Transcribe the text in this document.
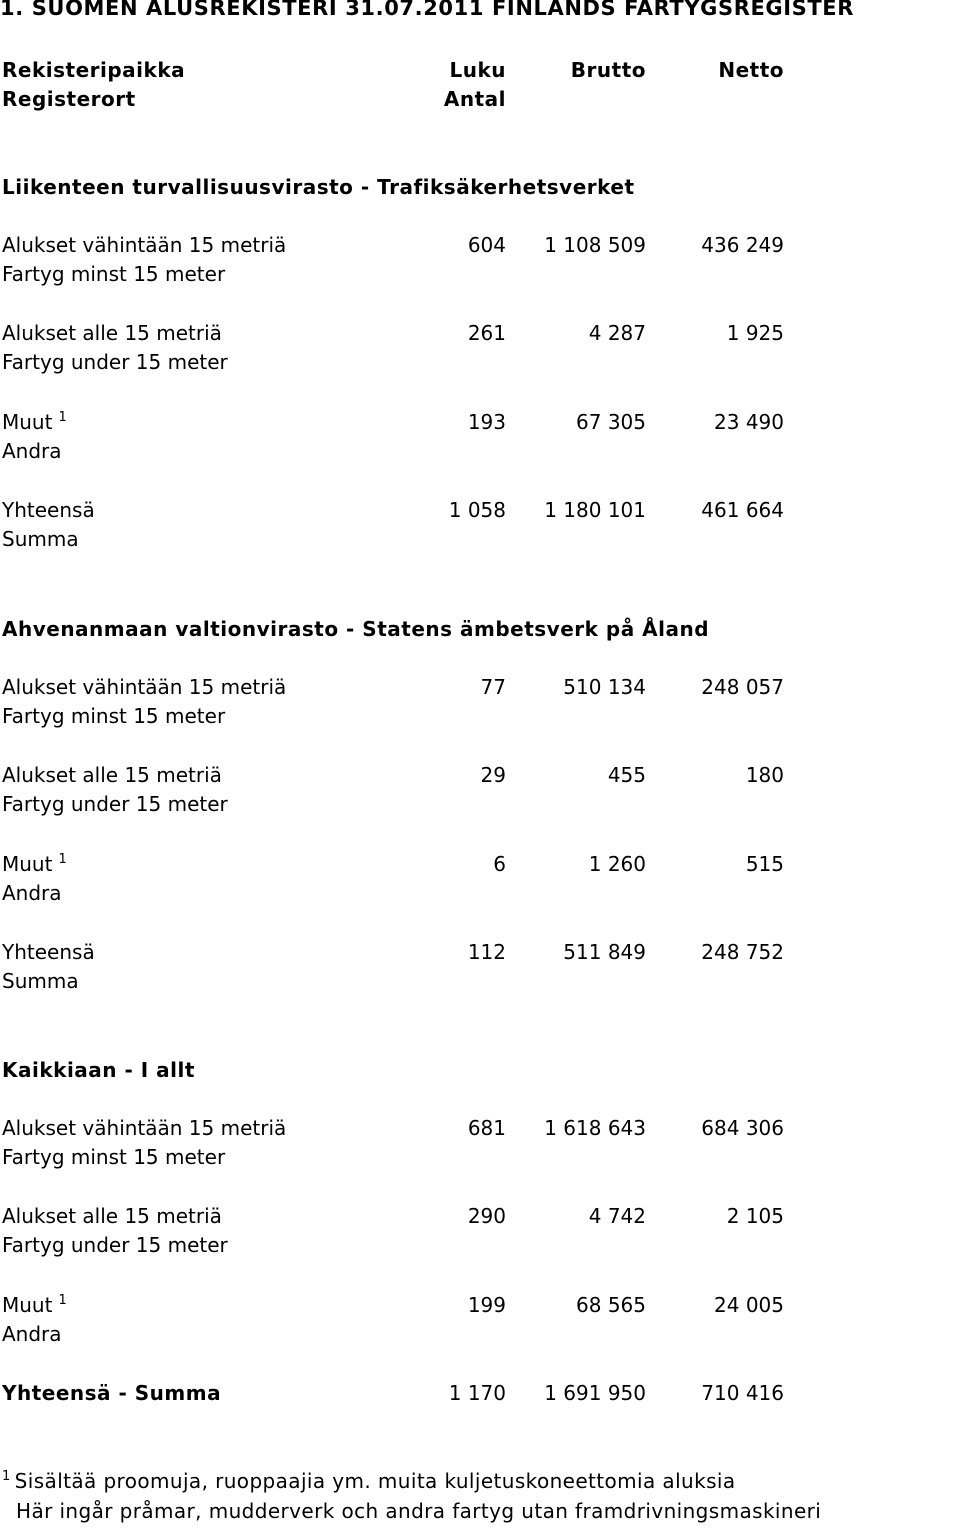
1. SUOMEN ALUSREKISTERI 31.07.2011 FINLANDS FARTYGSREGISTER
Rekisteripaikka	Luku	Brutto	Netto
Registerort	Antal
Liikenteen turvallisuusvirasto - Trafiksäkerhetsverket
Alukset vähintään 15 metriä	604	1 108 509	436 249
Fartyg minst 15 meter
Alukset alle 15 metriä	261	4 287	1 925
Fartyg under 15 meter
Muut $^1$	193	67 305	23 490
Andra
Yhteensä	1 058	1 180 101	461 664
Summa
Ahvenanmaan valtionvirasto - Statens ämbetsverk på Åland
Alukset vähintään 15 metriä	77	510 134	248 057
Fartyg minst 15 meter
Alukset alle 15 metriä	29	455	180
Fartyg under 15 meter
Muut $^1$	6	1 260	515
Andra
Yhteensä	112	511 849	248 752
Summa
Kaikkiaan - I allt
Alukset vähintään 15 metriä	681	1 618 643	684 306
Fartyg minst 15 meter
Alukset alle 15 metriä	290	4 742	2 105
Fartyg under 15 meter
Muut $^1$	199	68 565	24 005
Andra
Yhteensä - Summa	1 170	1 691 950	710 416
$^1$ Sisältää proomuja, ruoppaajia ym. muita kuljetuskoneettomia aluksia
Här ingår pråmar, mudderverk och andra fartyg utan framdrivningsmaskineri
